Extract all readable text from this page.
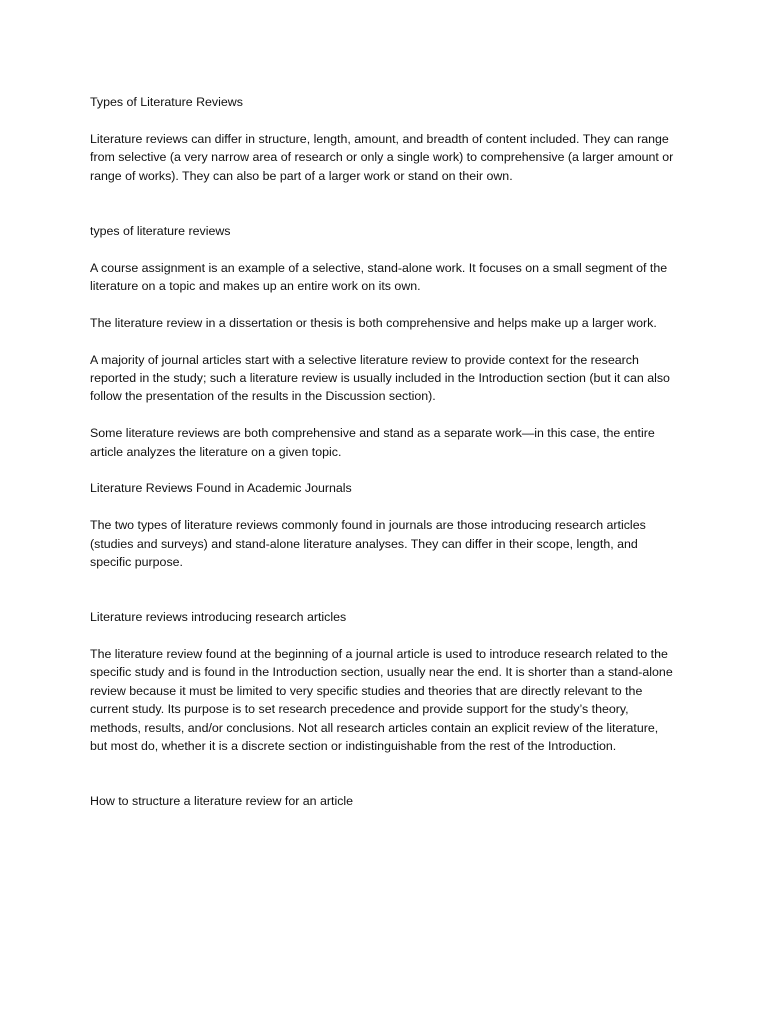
Types of Literature Reviews
Literature reviews can differ in structure, length, amount, and breadth of content included. They can range from selective (a very narrow area of research or only a single work) to comprehensive (a larger amount or range of works). They can also be part of a larger work or stand on their own.
types of literature reviews
A course assignment is an example of a selective, stand-alone work. It focuses on a small segment of the literature on a topic and makes up an entire work on its own.
The literature review in a dissertation or thesis is both comprehensive and helps make up a larger work.
A majority of journal articles start with a selective literature review to provide context for the research reported in the study; such a literature review is usually included in the Introduction section (but it can also follow the presentation of the results in the Discussion section).
Some literature reviews are both comprehensive and stand as a separate work—in this case, the entire article analyzes the literature on a given topic.
Literature Reviews Found in Academic Journals
The two types of literature reviews commonly found in journals are those introducing research articles (studies and surveys) and stand-alone literature analyses. They can differ in their scope, length, and specific purpose.
Literature reviews introducing research articles
The literature review found at the beginning of a journal article is used to introduce research related to the specific study and is found in the Introduction section, usually near the end. It is shorter than a stand-alone review because it must be limited to very specific studies and theories that are directly relevant to the current study. Its purpose is to set research precedence and provide support for the study’s theory, methods, results, and/or conclusions. Not all research articles contain an explicit review of the literature, but most do, whether it is a discrete section or indistinguishable from the rest of the Introduction.
How to structure a literature review for an article
